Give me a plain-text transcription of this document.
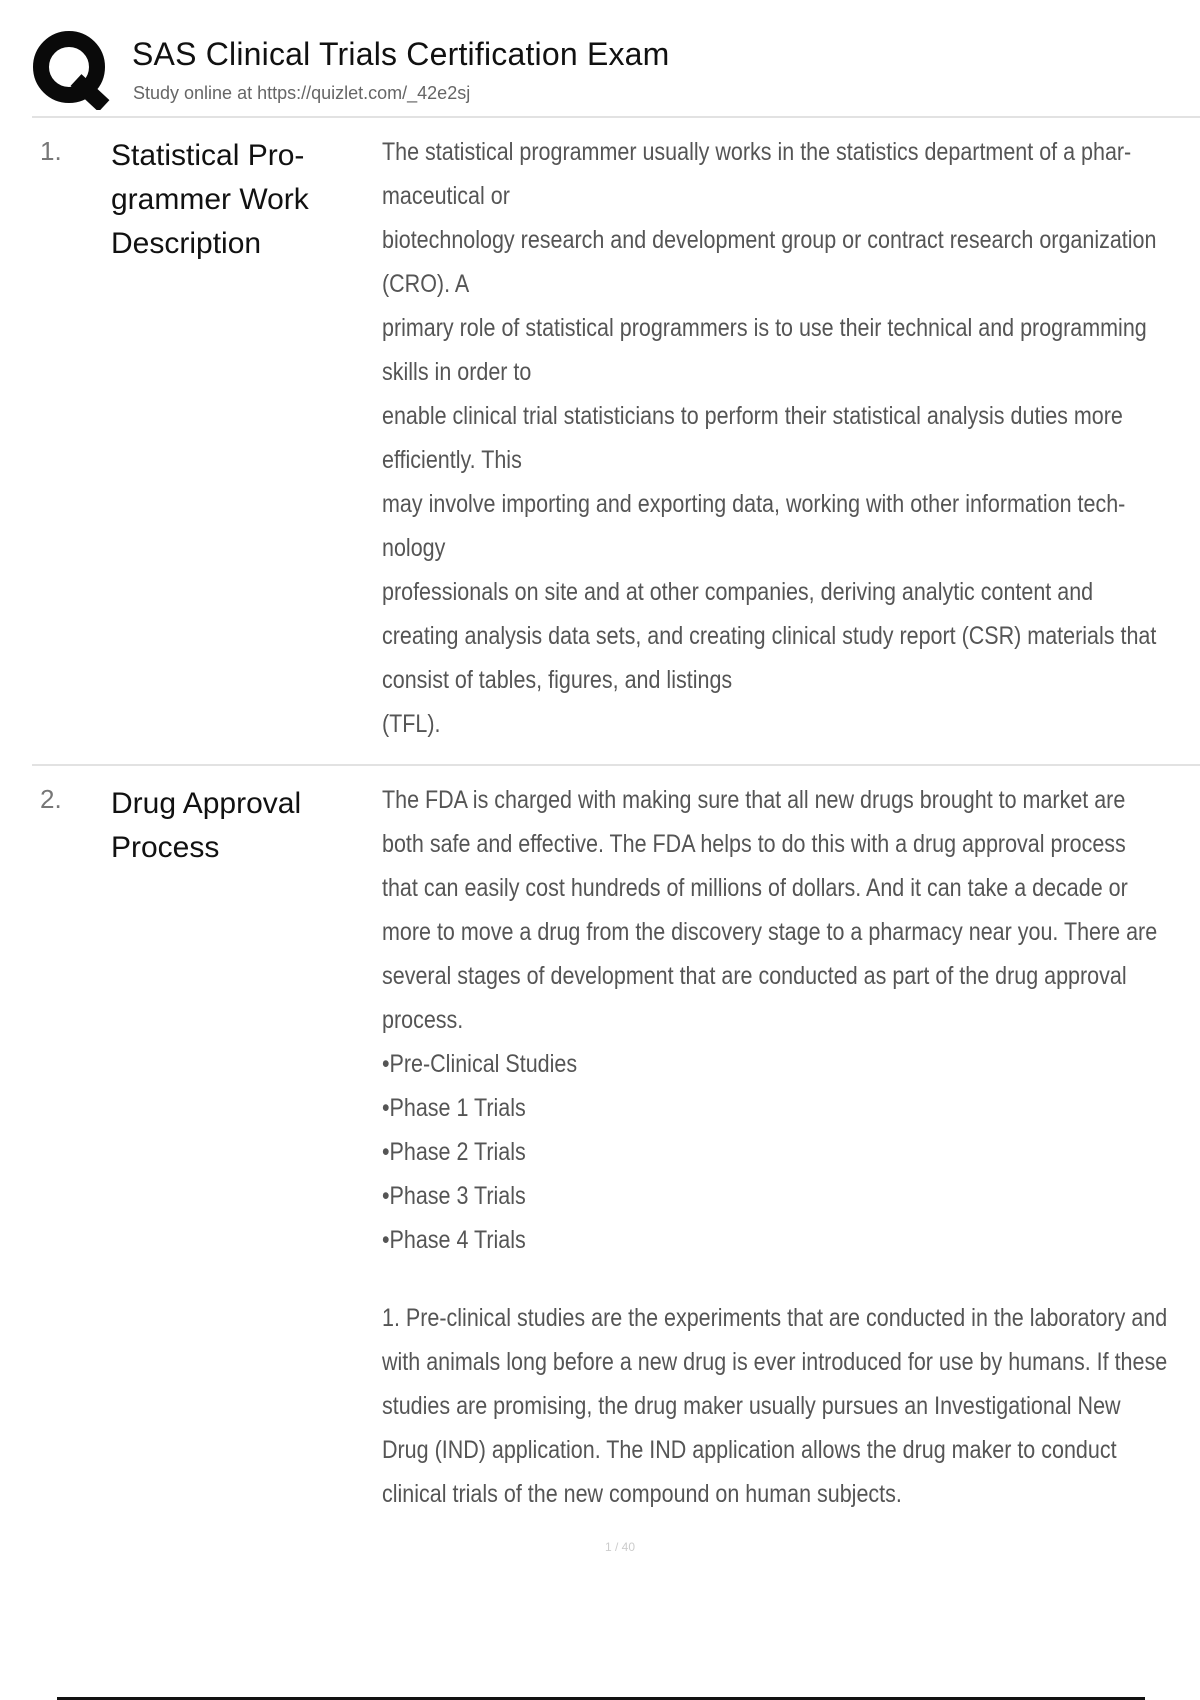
SAS Clinical Trials Certification Exam
Study online at https://quizlet.com/_42e2sj
1. Statistical Pro-
grammer Work
Description
The statistical programmer usually works in the statistics department of a phar-
maceutical or
biotechnology research and development group or contract research organization
(CRO). A
primary role of statistical programmers is to use their technical and programming
skills in order to
enable clinical trial statisticians to perform their statistical analysis duties more
efficiently. This
may involve importing and exporting data, working with other information tech-
nology
professionals on site and at other companies, deriving analytic content and
creating analysis data sets, and creating clinical study report (CSR) materials that
consist of tables, figures, and listings
(TFL).
2. Drug Approval
Process
The FDA is charged with making sure that all new drugs brought to market are
both safe and effective. The FDA helps to do this with a drug approval process
that can easily cost hundreds of millions of dollars. And it can take a decade or
more to move a drug from the discovery stage to a pharmacy near you. There are
several stages of development that are conducted as part of the drug approval
process.
•Pre-Clinical Studies
•Phase 1 Trials
•Phase 2 Trials
•Phase 3 Trials
•Phase 4 Trials
1. Pre-clinical studies are the experiments that are conducted in the laboratory and
with animals long before a new drug is ever introduced for use by humans. If these
studies are promising, the drug maker usually pursues an Investigational New
Drug (IND) application. The IND application allows the drug maker to conduct
clinical trials of the new compound on human subjects.
1 / 40
